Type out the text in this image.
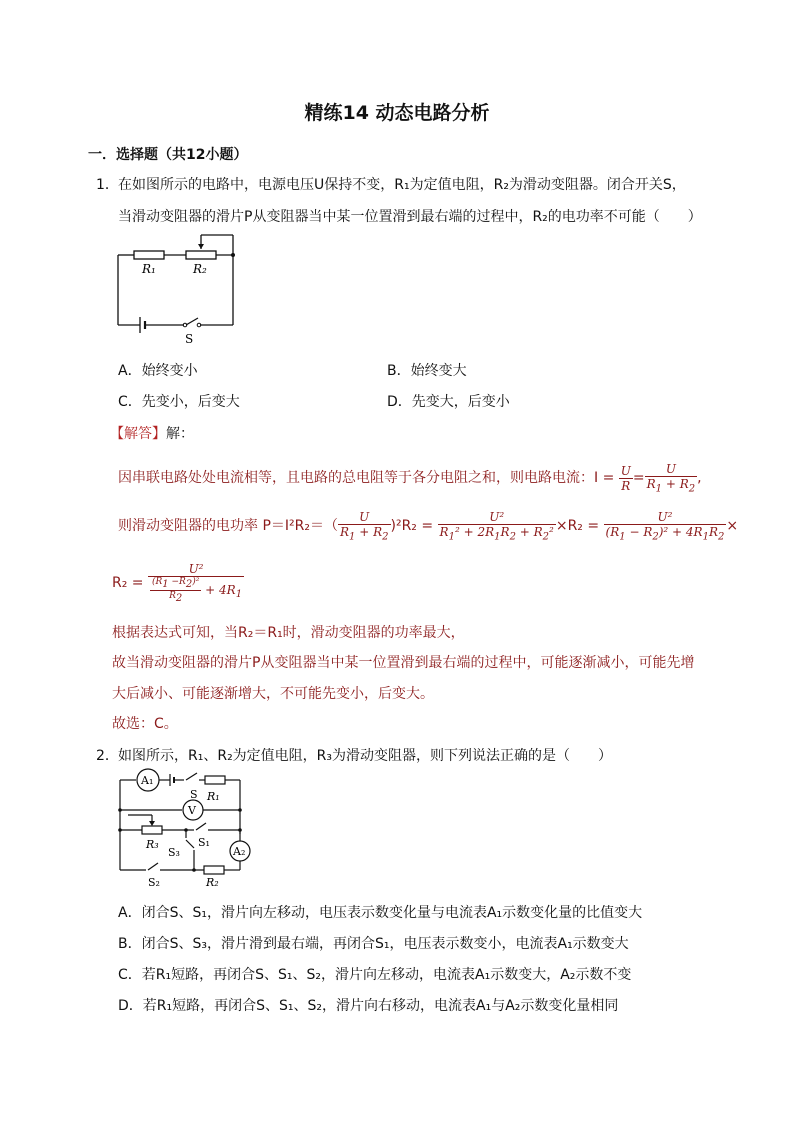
精练14 动态电路分析
一．选择题（共12小题）
1． 在如图所示的电路中，电源电压U保持不变，R₁为定值电阻，R₂为滑动变阻器。闭合开关S，
当滑动变阻器的滑片P从变阻器当中某一位置滑到最右端的过程中，R₂的电功率不可能（　　）
R₁	R₂
S
A．始终变小	B．始终变大
C．先变小，后变大	D．先变大，后变小
【解答】解：
因串联电路处处电流相等，且电路的总电阻等于各分电阻之和，则电路电流：$I = \frac{U}{R} = \frac{U}{R_1 + R_2}$ ,
则滑动变阻器的电功率 $P=I^2R_2=( \frac{U}{R_1 + R_2} )^2R_2 = \frac{\text{U²}}{R_1^2 + 2R_1R_2 + R_2^2} \times R_2 = \frac{\text{U²}}{(R_1 - R_2)^2 + 4R_1R_2}$ ×
$R_2 = \frac{\text{U²}}{\frac{(R_1 -R_2)^2}{R_2} + 4R_1}$
根据表达式可知，当R₂＝R₁时，滑动变阻器的功率最大，
故当滑动变阻器的滑片P从变阻器当中某一位置滑到最右端的过程中，可能逐渐减小，可能先增
大后减小、可能逐渐增大，不可能先变小，后变大。
故选：C。
2． 如图所示，R₁、R₂为定值电阻，R₃为滑动变阻器，则下列说法正确的是（　　）
A₁
V
A₂
S R₁
R₃
S₃
S₁
S₂	R₂
A．闭合S、S₁，滑片向左移动，电压表示数变化量与电流表A₁示数变化量的比值变大
B．闭合S、S₃，滑片滑到最右端，再闭合S₁，电压表示数变小，电流表A₁示数变大
C．若R₁短路，再闭合S、S₁、S₂，滑片向左移动，电流表A₁示数变大，A₂示数不变
D．若R₁短路，再闭合S、S₁、S₂，滑片向右移动，电流表A₁与A₂示数变化量相同
